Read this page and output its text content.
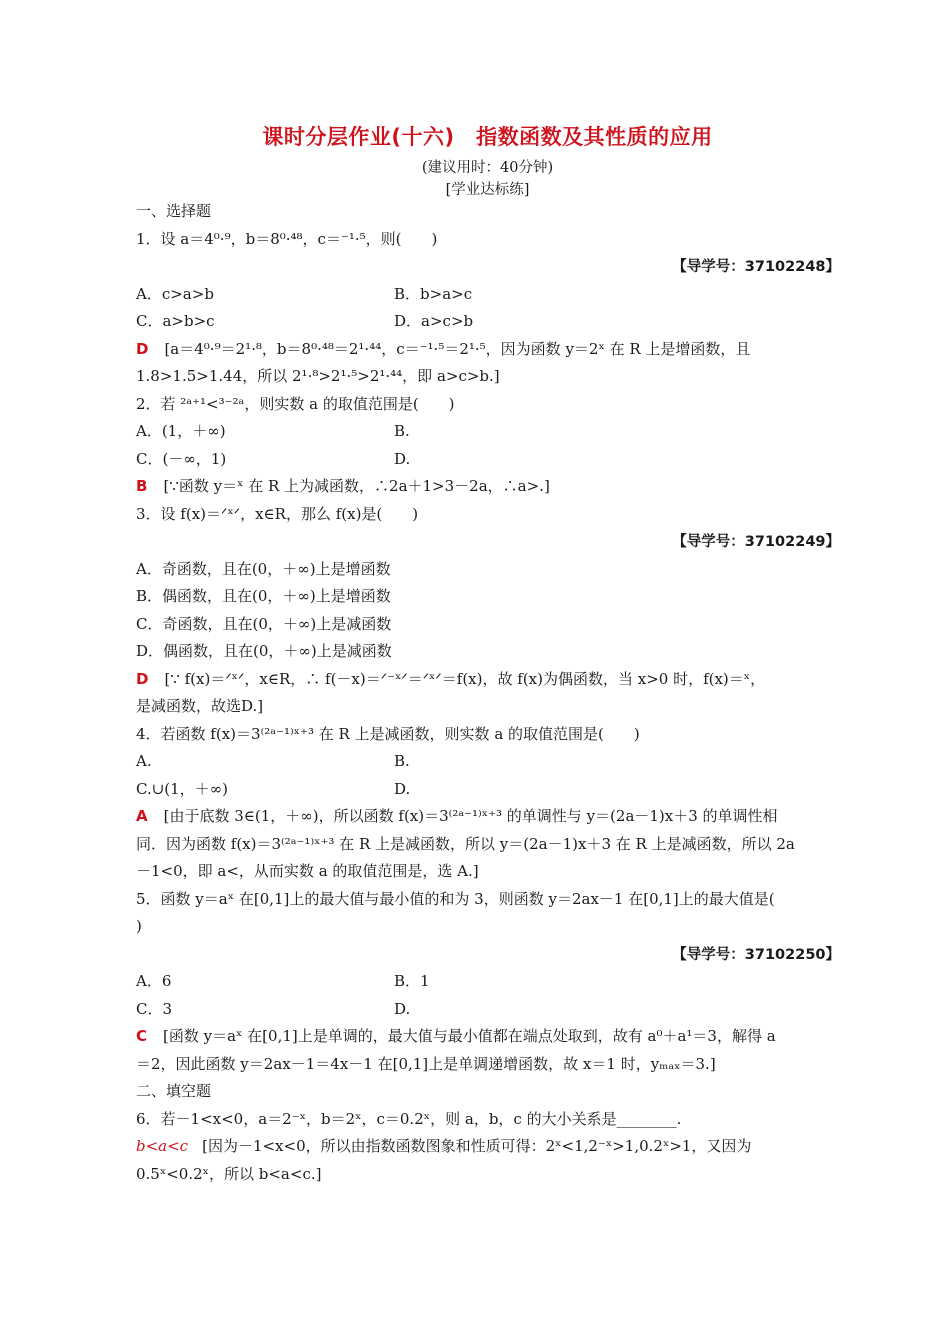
课时分层作业(十六)　指数函数及其性质的应用
(建议用时：40分钟)
[学业达标练]
一、选择题
1．设 a＝4⁰·⁹，b＝8⁰·⁴⁸，c＝⁻¹·⁵，则(　　)
【导学号：37102248】
A．c>a>b	B．b>a>c
C．a>b>c	D．a>c>b
D [a＝4⁰·⁹＝2¹·⁸，b＝8⁰·⁴⁸＝2¹·⁴⁴，c＝⁻¹·⁵＝2¹·⁵，因为函数 y＝2ˣ 在 R 上是增函数，且
1.8>1.5>1.44，所以 2¹·⁸>2¹·⁵>2¹·⁴⁴，即 a>c>b.]
2．若 ²ᵃ⁺¹<³⁻²ᵃ，则实数 a 的取值范围是(　　)
A．(1，＋∞)	B.
C．(－∞，1)	D.
B [∵函数 y＝ˣ 在 R 上为减函数，∴2a＋1>3－2a，∴a>.]
3．设 f(x)＝ᐟˣᐟ，x∈R，那么 f(x)是(　　)
【导学号：37102249】
A．奇函数，且在(0，＋∞)上是增函数
B．偶函数，且在(0，＋∞)上是增函数
C．奇函数，且在(0，＋∞)上是减函数
D．偶函数，且在(0，＋∞)上是减函数
D [∵ f(x)＝ᐟˣᐟ，x∈R，∴ f(－x)＝ᐟ⁻ˣᐟ＝ᐟˣᐟ＝f(x)，故 f(x)为偶函数，当 x>0 时，f(x)＝ˣ，
是减函数，故选D.]
4．若函数 f(x)＝3⁽²ᵃ⁻¹⁾ˣ⁺³ 在 R 上是减函数，则实数 a 的取值范围是(　　)
A.	B.
C.∪(1，＋∞)	D.
A [由于底数 3∈(1，＋∞)，所以函数 f(x)＝3⁽²ᵃ⁻¹⁾ˣ⁺³ 的单调性与 y＝(2a－1)x＋3 的单调性相
同．因为函数 f(x)＝3⁽²ᵃ⁻¹⁾ˣ⁺³ 在 R 上是减函数，所以 y＝(2a－1)x＋3 在 R 上是减函数，所以 2a
－1<0，即 a<，从而实数 a 的取值范围是，选 A.]
5．函数 y＝aˣ 在[0,1]上的最大值与最小值的和为 3，则函数 y＝2ax－1 在[0,1]上的最大值是(
)
【导学号：37102250】
A．6	B．1
C．3	D.
C [函数 y＝aˣ 在[0,1]上是单调的，最大值与最小值都在端点处取到，故有 a⁰＋a¹＝3，解得 a
＝2，因此函数 y＝2ax－1＝4x－1 在[0,1]上是单调递增函数，故 x＝1 时，yₘₐₓ＝3.]
二、填空题
6．若－1<x<0，a＝2⁻ˣ，b＝2ˣ，c＝0.2ˣ，则 a，b，c 的大小关系是________.
b<a<c [因为－1<x<0，所以由指数函数图象和性质可得：2ˣ<1,2⁻ˣ>1,0.2ˣ>1，又因为
0.5ˣ<0.2ˣ，所以 b<a<c.]
